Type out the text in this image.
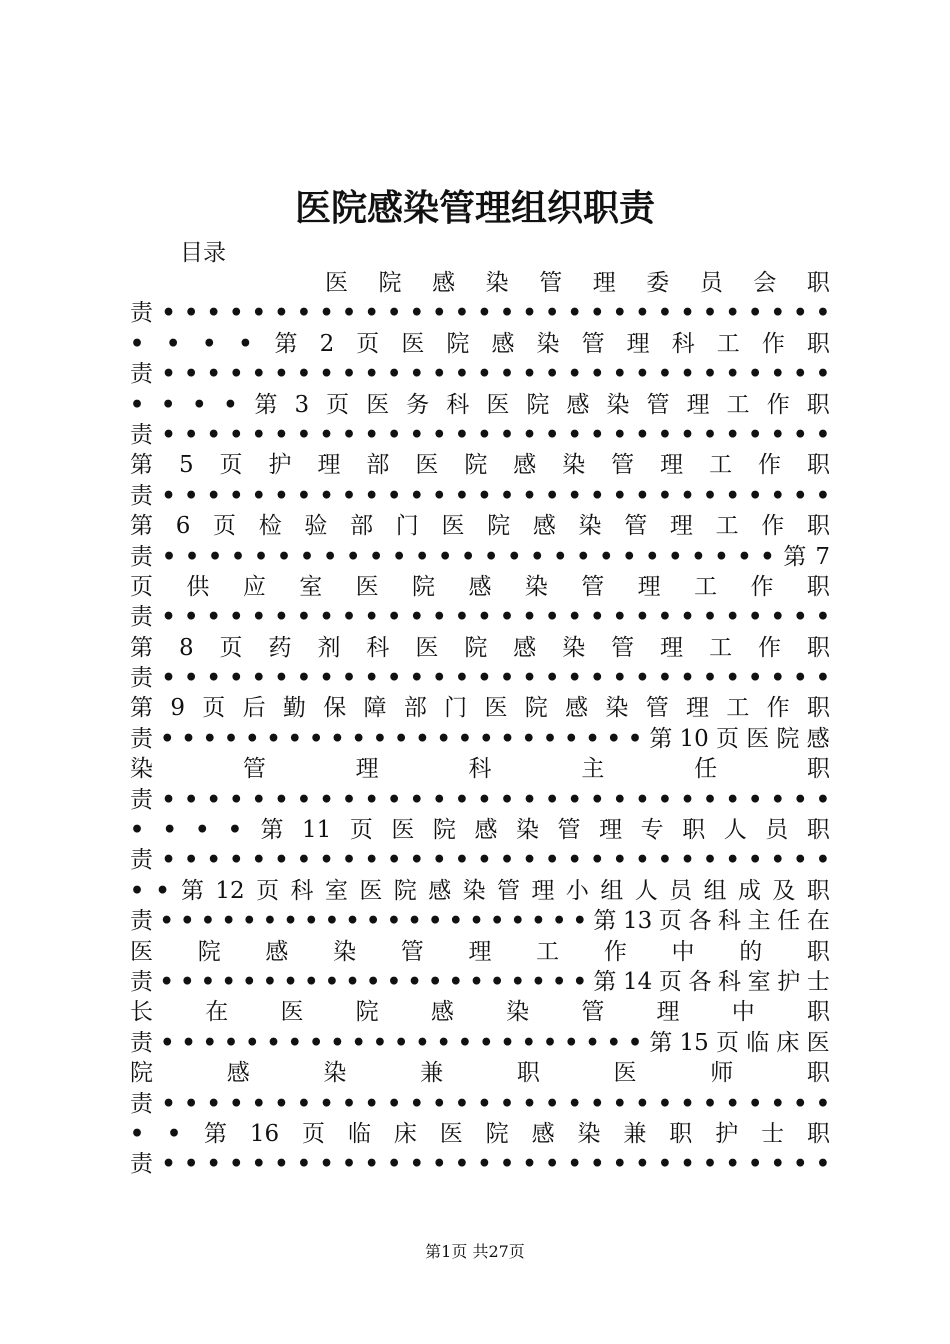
医院感染管理组织职责
目录
医 院 感 染 管 理 委 员 会 职
责 • • • • • • • • • • • • • • • • • • • • • • • • • • • • • •
• • • • 第 2 页 医 院 感 染 管 理 科 工 作 职
责 • • • • • • • • • • • • • • • • • • • • • • • • • • • • • •
• • • • 第 3 页 医 务 科 医 院 感 染 管 理 工 作 职
责 • • • • • • • • • • • • • • • • • • • • • • • • • • • • • •
第 5 页 护 理 部 医 院 感 染 管 理 工 作 职
责 • • • • • • • • • • • • • • • • • • • • • • • • • • • • • •
第 6 页 检 验 部 门 医 院 感 染 管 理 工 作 职
责 • • • • • • • • • • • • • • • • • • • • • • • • • • • 第 7
页 供 应 室 医 院 感 染 管 理 工 作 职
责 • • • • • • • • • • • • • • • • • • • • • • • • • • • • • •
第 8 页 药 剂 科 医 院 感 染 管 理 工 作 职
责 • • • • • • • • • • • • • • • • • • • • • • • • • • • • • •
第 9 页 后 勤 保 障 部 门 医 院 感 染 管 理 工 作 职
责 • • • • • • • • • • • • • • • • • • • • • • • 第 10 页 医 院 感
染	管	理	科	主	任	职
责 • • • • • • • • • • • • • • • • • • • • • • • • • • • • • •
• • • • 第 11 页 医 院 感 染 管 理 专 职 人 员 职
责 • • • • • • • • • • • • • • • • • • • • • • • • • • • • • •
• • 第 12 页 科 室 医 院 感 染 管 理 小 组 人 员 组 成 及 职
责 • • • • • • • • • • • • • • • • • • • • • 第 13 页 各 科 主 任 在
医 院 感 染 管 理 工 作 中 的 职
责 • • • • • • • • • • • • • • • • • • • • • 第 14 页 各 科 室 护 士
长 在 医 院 感 染 管 理 中 职
责 • • • • • • • • • • • • • • • • • • • • • • • 第 15 页 临 床 医
院	感	染	兼	职	医	师	职
责 • • • • • • • • • • • • • • • • • • • • • • • • • • • • • •
• • 第 16 页 临 床 医 院 感 染 兼 职 护 士 职
责 • • • • • • • • • • • • • • • • • • • • • • • • • • • • • •
第1页 共27页
